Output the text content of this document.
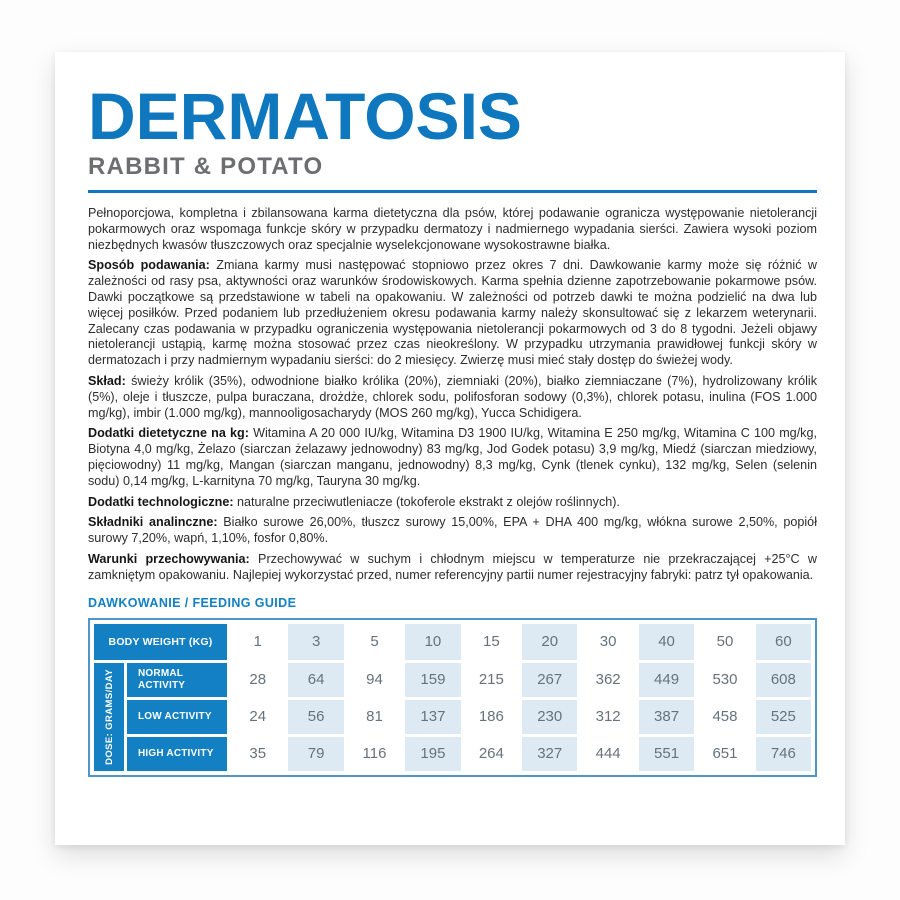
DERMATOSIS
RABBIT & POTATO

Pełnoporcjowa, kompletna i zbilansowana karma dietetyczna dla psów, której podawanie ogranicza występowanie nietolerancji pokarmowych oraz wspomaga funkcje skóry w przypadku dermatozy i nadmiernego wypadania sierści. Zawiera wysoki poziom niezbędnych kwasów tłuszczowych oraz specjalnie wyselekcjonowane wysokostrawne białka.

Sposób podawania: Zmiana karmy musi następować stopniowo przez okres 7 dni. Dawkowanie karmy może się różnić w zależności od rasy psa, aktywności oraz warunków środowiskowych. Karma spełnia dzienne zapotrzebowanie pokarmowe psów. Dawki początkowe są przedstawione w tabeli na opakowaniu. W zależności od potrzeb dawki te można podzielić na dwa lub więcej posiłków. Przed podaniem lub przedłużeniem okresu podawania karmy należy skonsultować się z lekarzem weterynarii. Zalecany czas podawania w przypadku ograniczenia występowania nietolerancji pokarmowych od 3 do 8 tygodni. Jeżeli objawy nietolerancji ustąpią, karmę można stosować przez czas nieokreślony. W przypadku utrzymania prawidłowej funkcji skóry w dermatozach i przy nadmiernym wypadaniu sierści: do 2 miesięcy. Zwierzę musi mieć stały dostęp do świeżej wody.

Skład: świeży królik (35%), odwodnione białko królika (20%), ziemniaki (20%), białko ziemniaczane (7%), hydrolizowany królik (5%), oleje i tłuszcze, pulpa buraczana, drożdże, chlorek sodu, polifosforan sodowy (0,3%), chlorek potasu, inulina (FOS 1.000 mg/kg), imbir (1.000 mg/kg), mannooligosacharydy (MOS 260 mg/kg), Yucca Schidigera.

Dodatki dietetyczne na kg: Witamina A 20 000 IU/kg, Witamina D3 1900 IU/kg, Witamina E 250 mg/kg, Witamina C 100 mg/kg, Biotyna 4,0 mg/kg, Żelazo (siarczan żelazawy jednowodny) 83 mg/kg, Jod Godek potasu) 3,9 mg/kg, Miedź (siarczan miedziowy, pięciowodny) 11 mg/kg, Mangan (siarczan manganu, jednowodny) 8,3 mg/kg, Cynk (tlenek cynku), 132 mg/kg, Selen (selenin sodu) 0,14 mg/kg, L-karnityna 70 mg/kg, Tauryna 30 mg/kg.

Dodatki technologiczne: naturalne przeciwutleniacze (tokoferole ekstrakt z olejów roślinnych).

Składniki analinczne: Białko surowe 26,00%, tłuszcz surowy 15,00%, EPA + DHA 400 mg/kg, włókna surowe 2,50%, popiół surowy 7,20%, wapń, 1,10%, fosfor 0,80%.

Warunki przechowywania: Przechowywać w suchym i chłodnym miejscu w temperaturze nie przekraczającej +25°C w zamkniętym opakowaniu. Najlepiej wykorzystać przed, numer referencyjny partii numer rejestracyjny fabryki: patrz tył opakowania.

DAWKOWANIE / FEEDING GUIDE
BODY WEIGHT (KG)	1	3	5	10	15	20	30	40	50	60
DOSE: GRAMS/DAY	NORMAL ACTIVITY	28	64	94	159	215	267	362	449	530	608
LOW ACTIVITY	24	56	81	137	186	230	312	387	458	525
HIGH ACTIVITY	35	79	116	195	264	327	444	551	651	746
